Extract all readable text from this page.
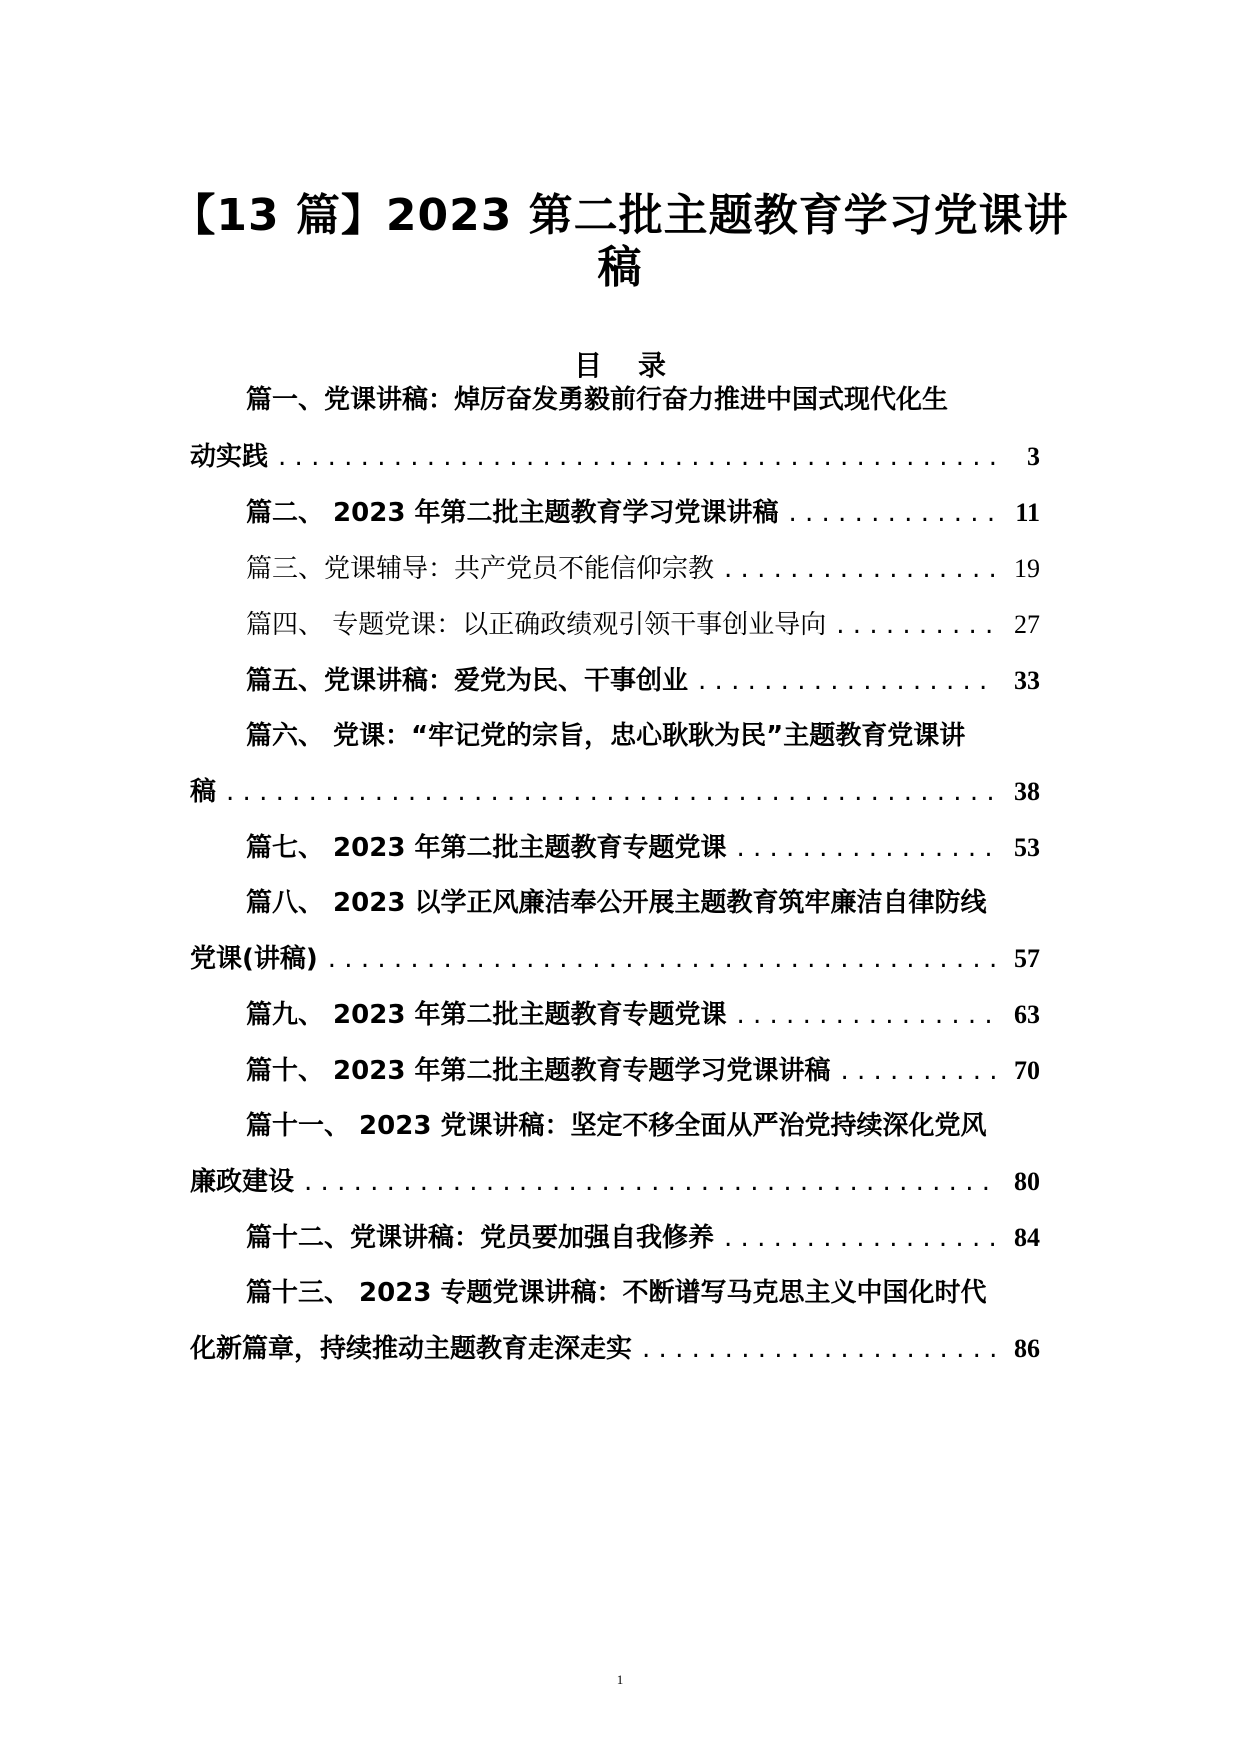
【13 篇】2023 第二批主题教育学习党课讲
稿
目 录
篇一、党课讲稿：焯厉奋发勇毅前行奋力推进中国式现代化生
动实践 . . .	3
篇二、 2023 年第二批主题教育学习党课讲稿 . . .	11
篇三、党课辅导：共产党员不能信仰宗教 . . .	19
篇四、 专题党课：以正确政绩观引领干事创业导向 . . .	27
篇五、党课讲稿：爱党为民、干事创业 . . .	33
篇六、 党课：“牢记党的宗旨，忠心耿耿为民”主题教育党课讲
稿 . . .	38
篇七、 2023 年第二批主题教育专题党课 . . .	53
篇八、 2023 以学正风廉洁奉公开展主题教育筑牢廉洁自律防线
党课(讲稿) . . .	57
篇九、 2023 年第二批主题教育专题党课 . . .	63
篇十、 2023 年第二批主题教育专题学习党课讲稿 . . .	70
篇十一、 2023 党课讲稿：坚定不移全面从严治党持续深化党风
廉政建设 . . .	80
篇十二、党课讲稿：党员要加强自我修养 . . .	84
篇十三、 2023 专题党课讲稿：不断谱写马克思主义中国化时代
化新篇章，持续推动主题教育走深走实 . . .	86
1
